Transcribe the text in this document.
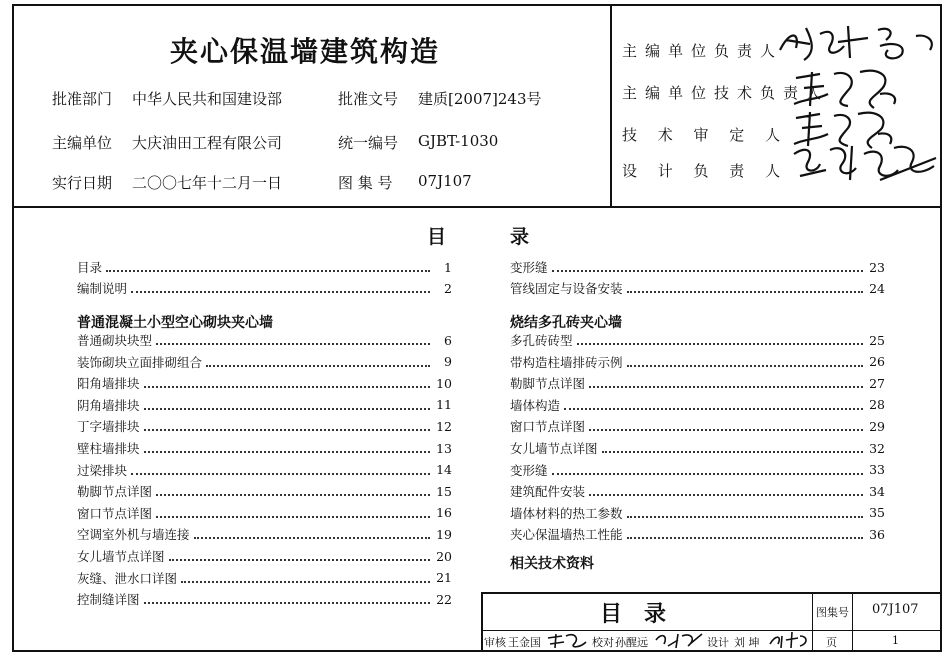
夹心保温墙建筑构造
批准部门 中华人民共和国建设部	批准文号 建质[2007]243号
主编单位 大庆油田工程有限公司	统一编号 GJBT-1030
实行日期 二〇〇七年十二月一日	图 集 号 07J107
主编单位负责人
主编单位技术负责人
技 术 审 定 人
设 计 负 责 人
目	录
目录	1
编制说明	2
普通混凝土小型空心砌块夹心墙
普通砌块块型	6
装饰砌块立面排砌组合	9
阳角墙排块	10
阴角墙排块	11
丁字墙排块	12
壁柱墙排块	13
过梁排块	14
勒脚节点详图	15
窗口节点详图	16
空调室外机与墙连接	19
女儿墙节点详图	20
灰缝、泄水口详图	21
控制缝详图	22
变形缝	23
管线固定与设备安装	24
烧结多孔砖夹心墙
多孔砖砖型	25
带构造柱墙排砖示例	26
勒脚节点详图	27
墙体构造	28
窗口节点详图	29
女儿墙节点详图	32
变形缝	33
建筑配件安装	34
墙体材料的热工参数	35
夹心保温墙热工性能	36
相关技术资料
目录	图集号 07J107
审核 王金国	校对 孙醒远	设计 刘 坤	页	1
